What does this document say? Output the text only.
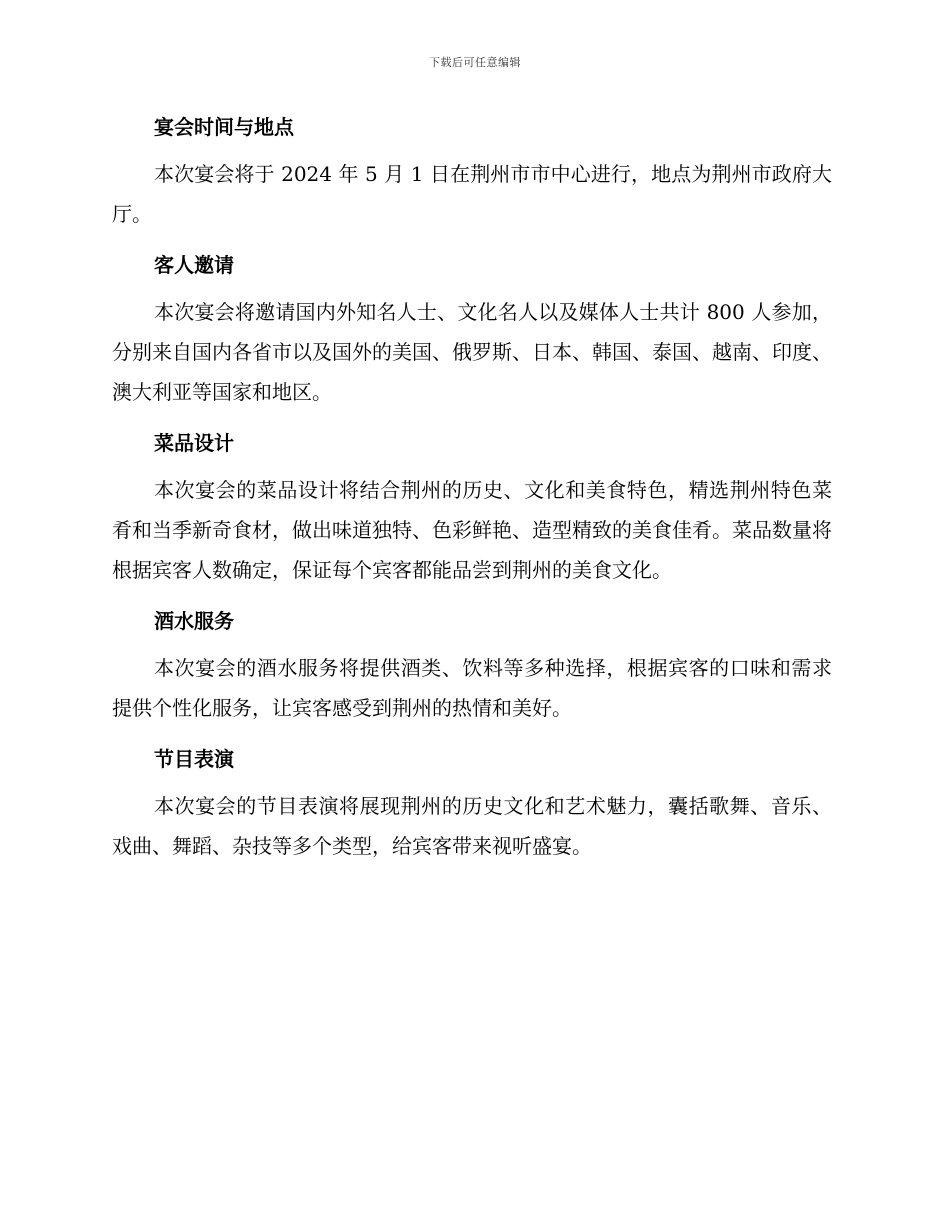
下载后可任意编辑
宴会时间与地点

本次宴会将于 2024 年 5 月 1 日在荆州市市中心进行，地点为荆州市政府大厅。

客人邀请

本次宴会将邀请国内外知名人士、文化名人以及媒体人士共计 800 人参加，分别来自国内各省市以及国外的美国、俄罗斯、日本、韩国、泰国、越南、印度、澳大利亚等国家和地区。

菜品设计

本次宴会的菜品设计将结合荆州的历史、文化和美食特色，精选荆州特色菜肴和当季新奇食材，做出味道独特、色彩鲜艳、造型精致的美食佳肴。菜品数量将根据宾客人数确定，保证每个宾客都能品尝到荆州的美食文化。

酒水服务

本次宴会的酒水服务将提供酒类、饮料等多种选择，根据宾客的口味和需求提供个性化服务，让宾客感受到荆州的热情和美好。

节目表演

本次宴会的节目表演将展现荆州的历史文化和艺术魅力，囊括歌舞、音乐、戏曲、舞蹈、杂技等多个类型，给宾客带来视听盛宴。
